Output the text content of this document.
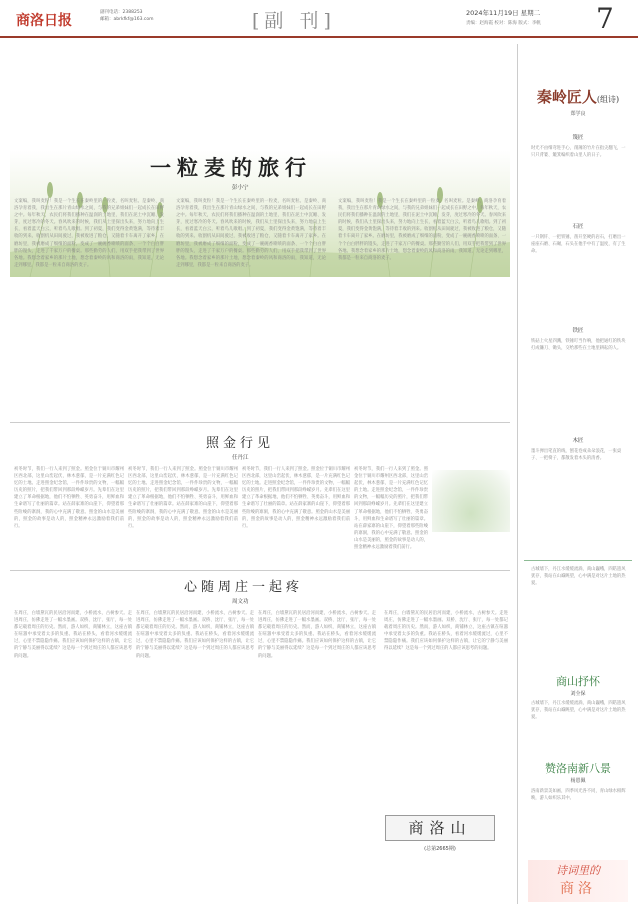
商洛日报
副刊电话：2388253
邮箱：abrkfkf@163.com	[副 刊]	2024年11月19日 星期二
责编：赵海霞 校对：陈海 版式：李帆 7
一粒麦的旅行
彭小宁
文案编，我叫麦粒！我是一个生长在秦岭里的一粒麦，名叫麦粒。是秦岭、商洛孕育着我，我出生在那片青山绿水之间，与我的兄弟姐妹们一起成长在田野之中。每年秋天，农民们将我们播种在温润的土地里，我们在泥土中沉睡、发芽，度过寒冷的冬天。春风吹来的时候，我们从土里探出头来，努力地向上生长，看着蓝天白云，听着鸟儿歌唱。到了初夏，我们变得金黄饱满，等待着丰收的到来。收割机从田间驶过，我被收进了粮仓，又随着卡车离开了家乡。在磨坊里，我被磨成了细细的面粉，变成了一碗碗香喷喷的面条、一个个白白胖胖的馒头，走进了千家万户的餐桌。那些勤劳的人们，用双手把我带到了世界各地。我想念着家乡的那片土地，想念着秦岭的风和商洛的雨，我知道，无论走到哪里，我都是一粒来自商洛的麦子。
文案编，我叫麦粒！我是一个生长在秦岭里的一粒麦，名叫麦粒。是秦岭、商洛孕育着我，我出生在那片青山绿水之间，与我的兄弟姐妹们一起成长在田野之中。每年秋天，农民们将我们播种在温润的土地里，我们在泥土中沉睡、发芽，度过寒冷的冬天。春风吹来的时候，我们从土里探出头来，努力地向上生长，看着蓝天白云，听着鸟儿歌唱。到了初夏，我们变得金黄饱满，等待着丰收的到来。收割机从田间驶过，我被收进了粮仓，又随着卡车离开了家乡。在磨坊里，我被磨成了细细的面粉，变成了一碗碗香喷喷的面条、一个个白白胖胖的馒头，走进了千家万户的餐桌。那些勤劳的人们，用双手把我带到了世界各地。我想念着家乡的那片土地，想念着秦岭的风和商洛的雨，我知道，无论走到哪里，我都是一粒来自商洛的麦子。
文案编，我叫麦粒！我是一个生长在秦岭里的一粒麦，名叫麦粒。是秦岭、商洛孕育着我，我出生在那片青山绿水之间，与我的兄弟姐妹们一起成长在田野之中。每年秋天，农民们将我们播种在温润的土地里，我们在泥土中沉睡、发芽，度过寒冷的冬天。春风吹来的时候，我们从土里探出头来，努力地向上生长，看着蓝天白云，听着鸟儿歌唱。到了初夏，我们变得金黄饱满，等待着丰收的到来。收割机从田间驶过，我被收进了粮仓，又随着卡车离开了家乡。在磨坊里，我被磨成了细细的面粉，变成了一碗碗香喷喷的面条、一个个白白胖胖的馒头，走进了千家万户的餐桌。那些勤劳的人们，用双手把我带到了世界各地。我想念着家乡的那片土地，想念着秦岭的风和商洛的雨，我知道，无论走到哪里，我都是一粒来自商洛的麦子。
照金行见
任丹江
初冬时节，我们一行人来到了照金。照金位于铜川市耀州区西北部，这里山峦起伏，林木葱郁，是一片充满红色记忆的土地。走进照金纪念馆，一件件珍贵的文物，一幅幅历史的照片，把我们带回到那段峥嵘岁月。先辈们在这里建立了革命根据地，他们不怕牺牲、英勇奋斗，用鲜血和生命谱写了壮丽的篇章。站在薛家寨的山崖下，仰望着那些险峻的寨洞，我的心中充满了敬意。照金的山水是美丽的，照金的故事是动人的，照金精神永远激励着我们前行。
初冬时节，我们一行人来到了照金。照金位于铜川市耀州区西北部，这里山峦起伏，林木葱郁，是一片充满红色记忆的土地。走进照金纪念馆，一件件珍贵的文物，一幅幅历史的照片，把我们带回到那段峥嵘岁月。先辈们在这里建立了革命根据地，他们不怕牺牲、英勇奋斗，用鲜血和生命谱写了壮丽的篇章。站在薛家寨的山崖下，仰望着那些险峻的寨洞，我的心中充满了敬意。照金的山水是美丽的，照金的故事是动人的，照金精神永远激励着我们前行。
初冬时节，我们一行人来到了照金。照金位于铜川市耀州区西北部，这里山峦起伏，林木葱郁，是一片充满红色记忆的土地。走进照金纪念馆，一件件珍贵的文物，一幅幅历史的照片，把我们带回到那段峥嵘岁月。先辈们在这里建立了革命根据地，他们不怕牺牲、英勇奋斗，用鲜血和生命谱写了壮丽的篇章。站在薛家寨的山崖下，仰望着那些险峻的寨洞，我的心中充满了敬意。照金的山水是美丽的，照金的故事是动人的，照金精神永远激励着我们前行。
初冬时节，我们一行人来到了照金。照金位于铜川市耀州区西北部，这里山峦起伏，林木葱郁，是一片充满红色记忆的土地。走进照金纪念馆，一件件珍贵的文物，一幅幅历史的照片，把我们带回到那段峥嵘岁月。先辈们在这里建立了革命根据地，他们不怕牺牲、英勇奋斗，用鲜血和生命谱写了壮丽的篇章。站在薛家寨的山崖下，仰望着那些险峻的寨洞，我的心中充满了敬意。照金的山水是美丽的，照金的故事是动人的，照金精神永远激励着我们前行。
心随周庄一起疼
周文功
在周庄，白墙黛瓦的民居沿河而建，小桥流水，古树参天。走进周庄，仿佛走进了一幅水墨画。双桥、沈厅、张厅，每一处都记载着周庄的历史。然而，游人如织，商铺林立，这座古镇在喧嚣中承受着太多的负重。我站在桥头，看着河水缓缓流过，心里不禁隐隐作痛。我们应该如何保护这样的古镇，让它的宁静与美丽得以延续？这是每一个到过周庄的人都应该思考的问题。
在周庄，白墙黛瓦的民居沿河而建，小桥流水，古树参天。走进周庄，仿佛走进了一幅水墨画。双桥、沈厅、张厅，每一处都记载着周庄的历史。然而，游人如织，商铺林立，这座古镇在喧嚣中承受着太多的负重。我站在桥头，看着河水缓缓流过，心里不禁隐隐作痛。我们应该如何保护这样的古镇，让它的宁静与美丽得以延续？这是每一个到过周庄的人都应该思考的问题。
在周庄，白墙黛瓦的民居沿河而建，小桥流水，古树参天。走进周庄，仿佛走进了一幅水墨画。双桥、沈厅、张厅，每一处都记载着周庄的历史。然而，游人如织，商铺林立，这座古镇在喧嚣中承受着太多的负重。我站在桥头，看着河水缓缓流过，心里不禁隐隐作痛。我们应该如何保护这样的古镇，让它的宁静与美丽得以延续？这是每一个到过周庄的人都应该思考的问题。
在周庄，白墙黛瓦的民居沿河而建，小桥流水，古树参天。走进周庄，仿佛走进了一幅水墨画。双桥、沈厅、张厅，每一处都记载着周庄的历史。然而，游人如织，商铺林立，这座古镇在喧嚣中承受着太多的负重。我站在桥头，看着河水缓缓流过，心里不禁隐隐作痛。我们应该如何保护这样的古镇，让它的宁静与美丽得以延续？这是每一个到过周庄的人都应该思考的问题。
商洛山
(总第2665期)
秦岭匠人(组诗)
郑学良
篾匠
时光不由细弯进手心，削薄的竹片在指尖翻飞，一只只背篓、簸箕编织着山里人的日子。
石匠
一只钢钎、一把铁锤，凿开坚硬的岩石，打磨出一座座石磨、石碾，石头在他手中有了温度，有了生命。
铁匠
铁砧上火星四溅，铁锤叮当作响，他把通红的铁块打成镰刀、锄头，交给那些在土地里耕耘的人。
木匠
墨斗弹出笔直的线，刨花卷成朵朵浪花，一张桌子、一把椅子，都散发着木头的清香。
古城墙下，丹江水缓缓流淌，商山巍峨，四皓遗风犹存，我站在山巅眺望，心中满是对这片土地的热爱。
商山抒怀
刘全保
古城墙下，丹江水缓缓流淌，商山巍峨，四皓遗风犹存，我站在山巅眺望，心中满是对这片土地的热爱。
赞洛南新八景
杨恩佩
洛南新景美如画，四季风光各不同，青山绿水相辉映，游人如织乐其中。
诗词里的
商洛
